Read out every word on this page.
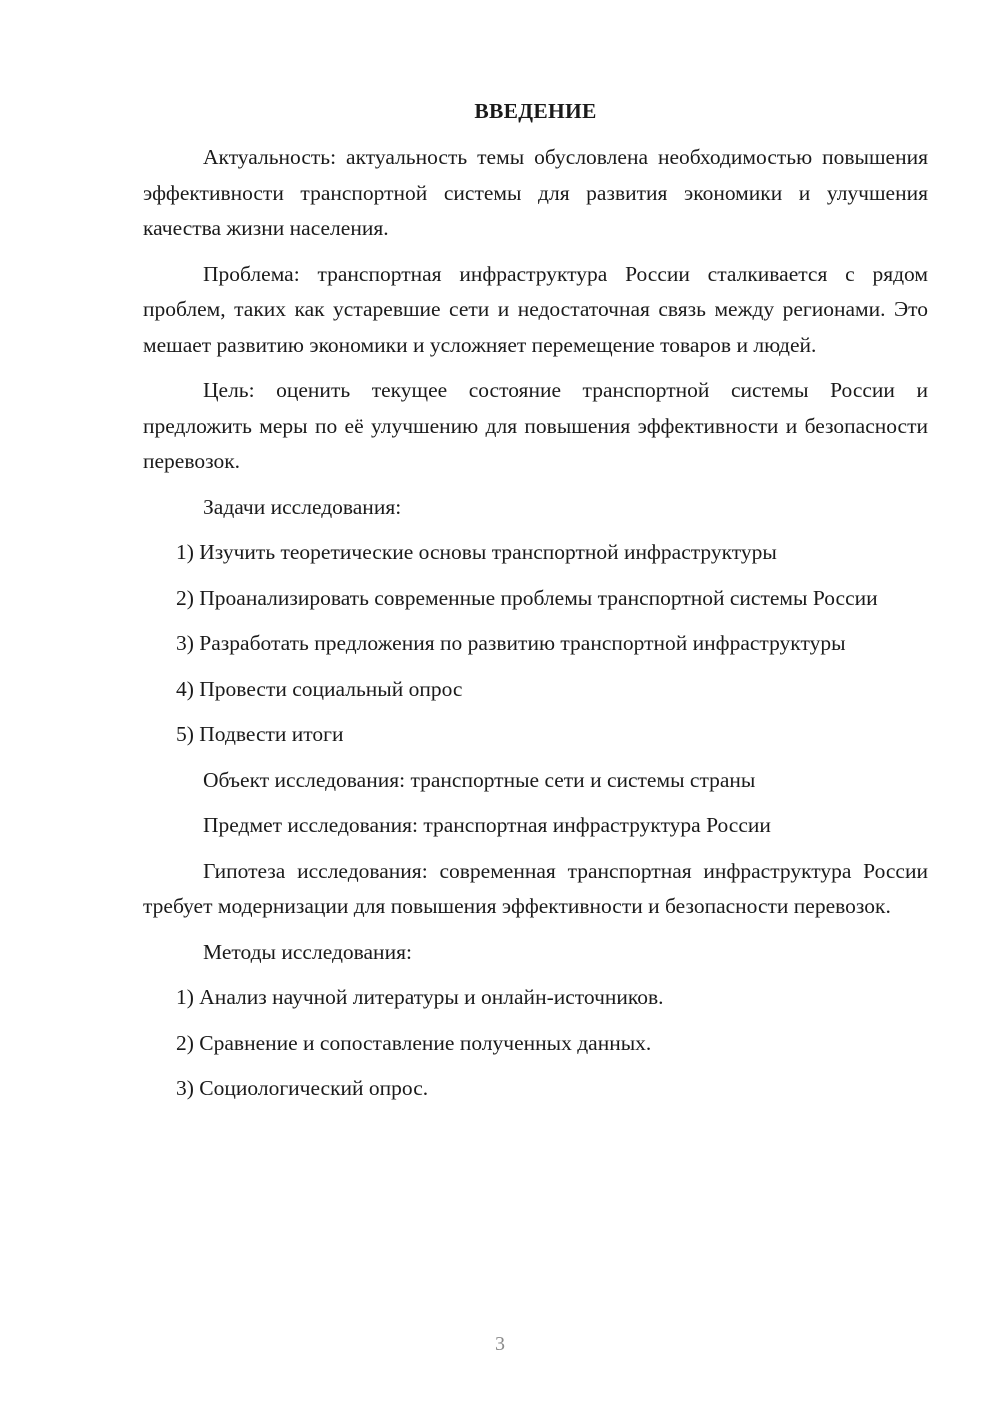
ВВЕДЕНИЕ

Актуальность: актуальность темы обусловлена необходимостью повышения эффективности транспортной системы для развития экономики и улучшения качества жизни населения.

Проблема: транспортная инфраструктура России сталкивается с рядом проблем, таких как устаревшие сети и недостаточная связь между регионами. Это мешает развитию экономики и усложняет перемещение товаров и людей.

Цель: оценить текущее состояние транспортной системы России и предложить меры по её улучшению для повышения эффективности и безопасности перевозок.

Задачи исследования:

1) Изучить теоретические основы транспортной инфраструктуры

2) Проанализировать современные проблемы транспортной системы России

3) Разработать предложения по развитию транспортной инфраструктуры

4) Провести социальный опрос

5) Подвести итоги

Объект исследования: транспортные сети и системы страны

Предмет исследования: транспортная инфраструктура России

Гипотеза исследования: современная транспортная инфраструктура России требует модернизации для повышения эффективности и безопасности перевозок.

Методы исследования:

1) Анализ научной литературы и онлайн-источников.

2) Сравнение и сопоставление полученных данных.

3) Социологический опрос.

3
